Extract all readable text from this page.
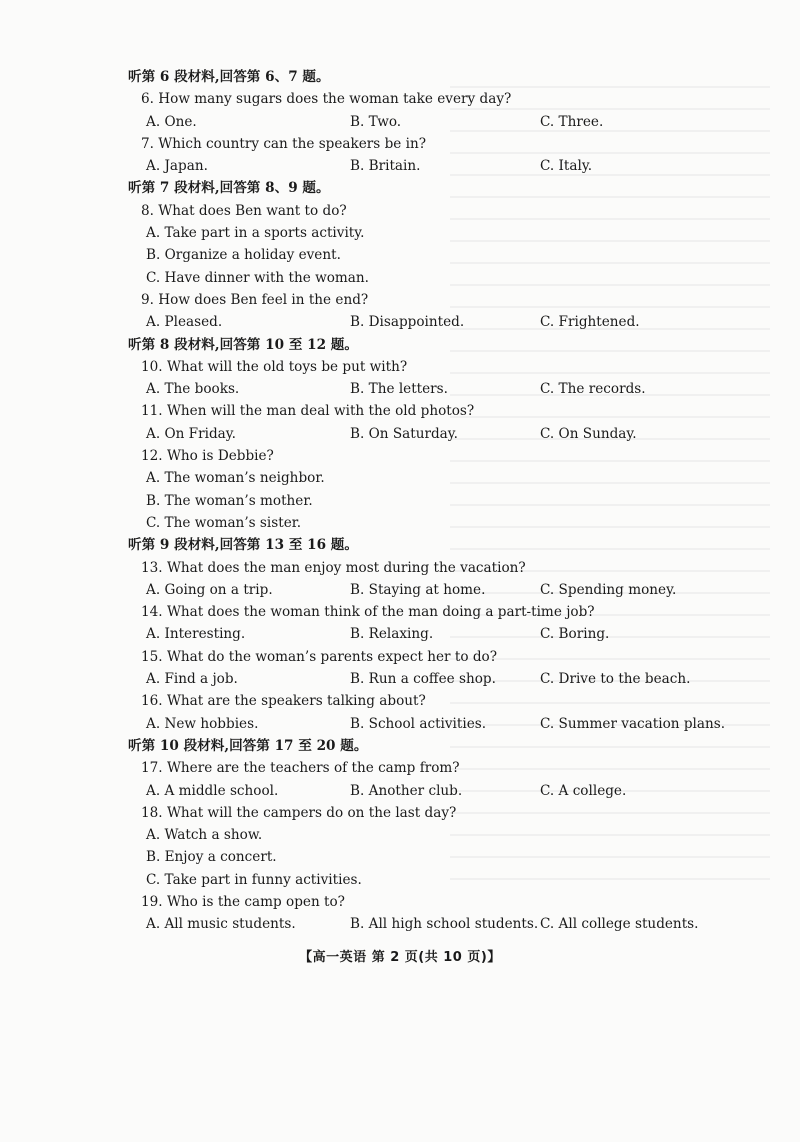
听第 6 段材料,回答第 6、7 题。
6. How many sugars does the woman take every day?
A. One.	B. Two.	C. Three.
7. Which country can the speakers be in?
A. Japan.	B. Britain.	C. Italy.
听第 7 段材料,回答第 8、9 题。
8. What does Ben want to do?
A. Take part in a sports activity.
B. Organize a holiday event.
C. Have dinner with the woman.
9. How does Ben feel in the end?
A. Pleased.	B. Disappointed.	C. Frightened.
听第 8 段材料,回答第 10 至 12 题。
10. What will the old toys be put with?
A. The books.	B. The letters.	C. The records.
11. When will the man deal with the old photos?
A. On Friday.	B. On Saturday.	C. On Sunday.
12. Who is Debbie?
A. The woman’s neighbor.
B. The woman’s mother.
C. The woman’s sister.
听第 9 段材料,回答第 13 至 16 题。
13. What does the man enjoy most during the vacation?
A. Going on a trip.	B. Staying at home.	C. Spending money.
14. What does the woman think of the man doing a part-time job?
A. Interesting.	B. Relaxing.	C. Boring.
15. What do the woman’s parents expect her to do?
A. Find a job.	B. Run a coffee shop.	C. Drive to the beach.
16. What are the speakers talking about?
A. New hobbies.	B. School activities.	C. Summer vacation plans.
听第 10 段材料,回答第 17 至 20 题。
17. Where are the teachers of the camp from?
A. A middle school.	B. Another club.	C. A college.
18. What will the campers do on the last day?
A. Watch a show.
B. Enjoy a concert.
C. Take part in funny activities.
19. Who is the camp open to?
A. All music students.	B. All high school students. C. All college students.
【高一英语 第 2 页(共 10 页)】
